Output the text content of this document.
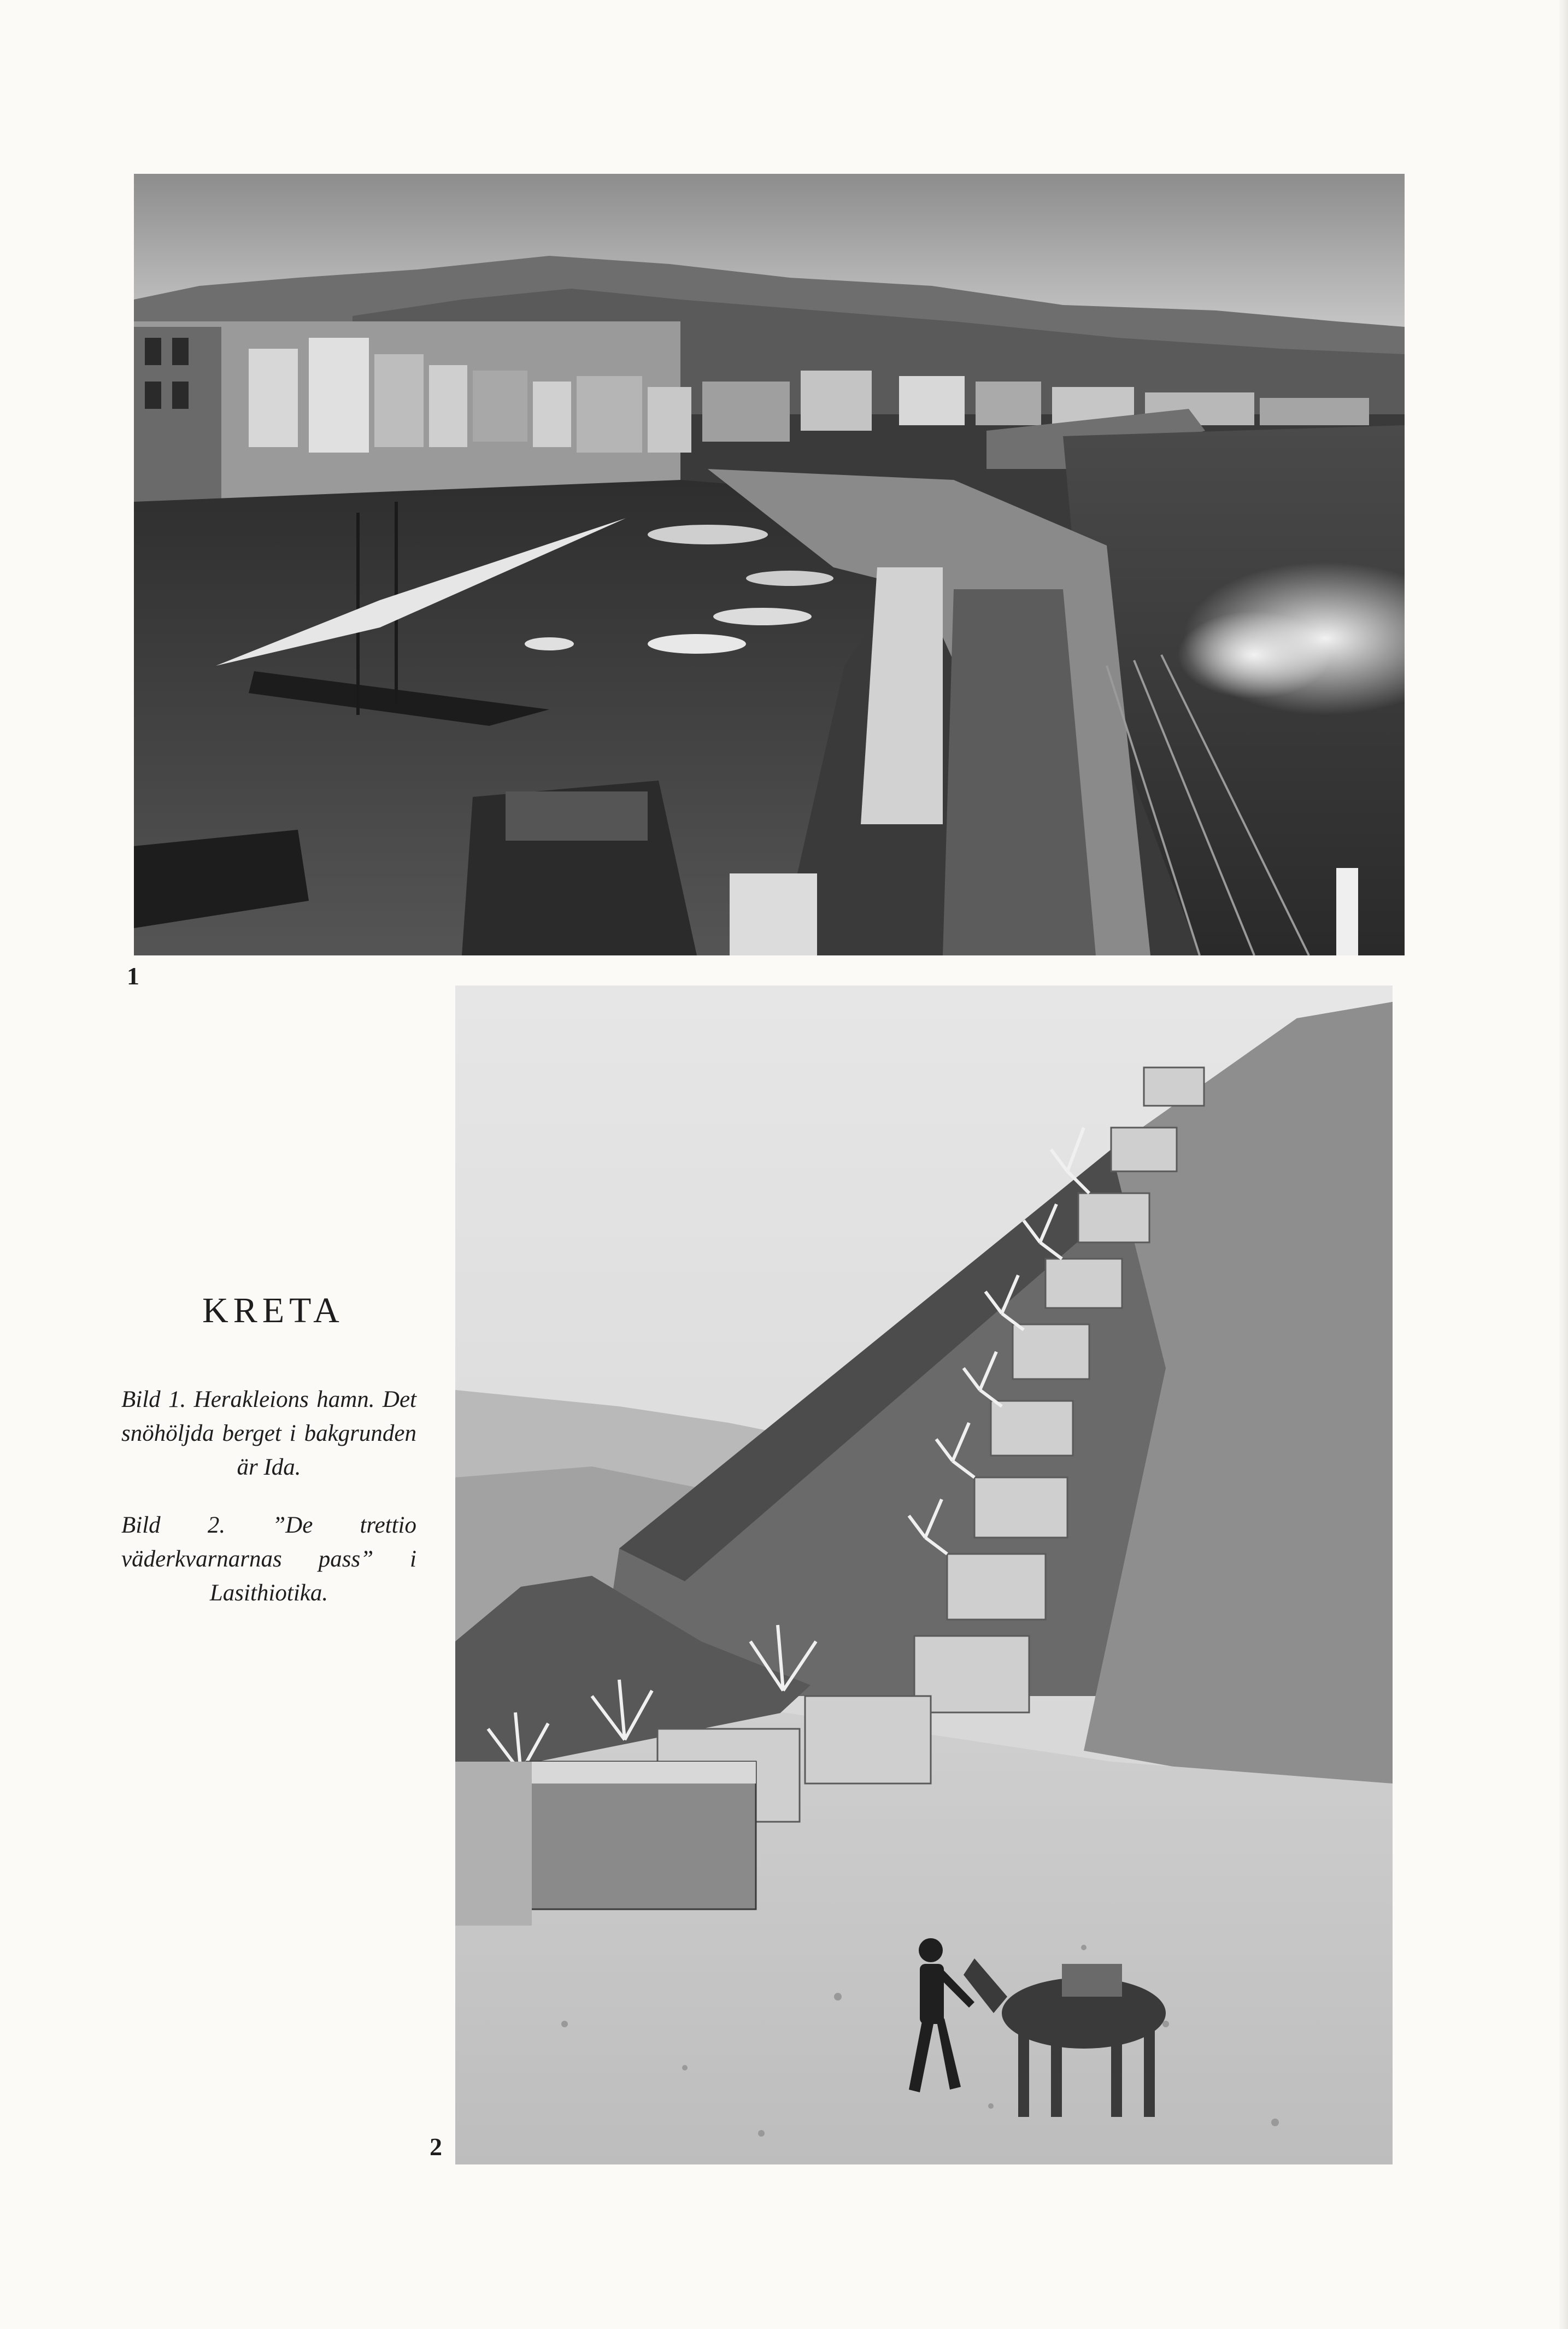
1
KRETA

Bild 1. Herakleions hamn. Det snöhöljda berget i bakgrunden är Ida.

Bild 2. ”De trettio väderkvarnarnas pass” i Lasithiotika.

2
